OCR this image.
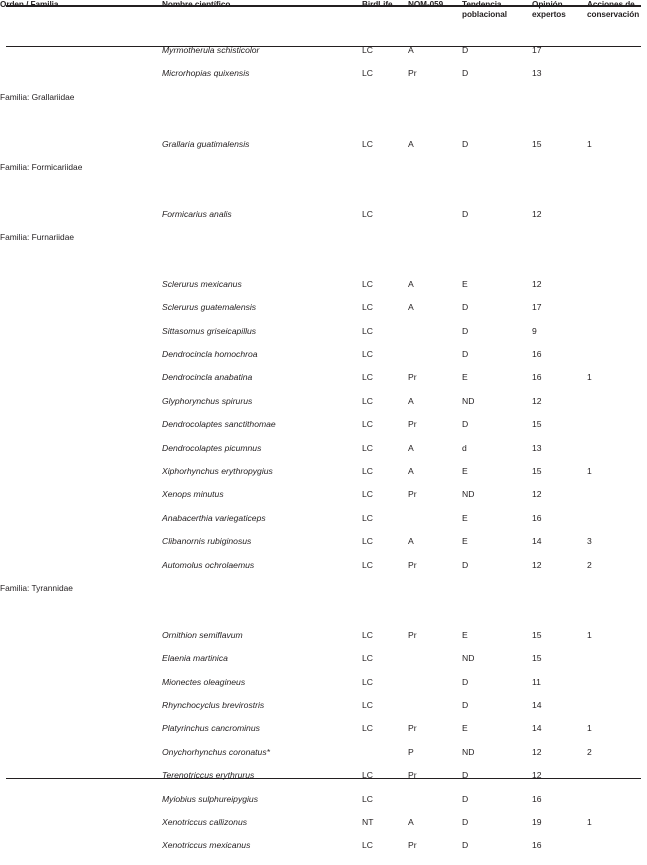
Orden / Familia	Nombre científico	BirdLife	NOM-059	Tendencia poblacional	Opinión expertos	Acciones de conservación
	Myrmotherula schisticolor	LC	A	D	17	
	Microrhopias quixensis	LC	Pr	D	13	
Familia: Grallariidae						

	Grallaria guatimalensis	LC	A	D	15	1
Familia: Formicariidae						

	Formicarius analis	LC		D	12	
Familia: Furnariidae						

	Sclerurus mexicanus	LC	A	E	12	
	Sclerurus guatemalensis	LC	A	D	17	
	Sittasomus griseicapillus	LC		D	9	
	Dendrocincla homochroa	LC		D	16	
	Dendrocincla anabatina	LC	Pr	E	16	1
	Glyphorynchus spirurus	LC	A	ND	12	
	Dendrocolaptes sanctithomae	LC	Pr	D	15	
	Dendrocolaptes picumnus	LC	A	d	13	
	Xiphorhynchus erythropygius	LC	A	E	15	1
	Xenops minutus	LC	Pr	ND	12	
	Anabacerthia variegaticeps	LC		E	16	
	Clibanornis rubiginosus	LC	A	E	14	3
	Automolus ochrolaemus	LC	Pr	D	12	2
Familia: Tyrannidae						

	Ornithion semiflavum	LC	Pr	E	15	1
	Elaenia martinica	LC		ND	15	
	Mionectes oleagineus	LC		D	11	
	Rhynchocyclus brevirostris	LC		D	14	
	Platyrinchus cancrominus	LC	Pr	E	14	1
	Onychorhynchus coronatus*		P	ND	12	2
	Terenotriccus erythrurus	LC	Pr	D	12	
	Myiobius sulphureipygius	LC		D	16	
	Xenotriccus callizonus	NT	A	D	19	1
	Xenotriccus mexicanus	LC	Pr	D	16	
